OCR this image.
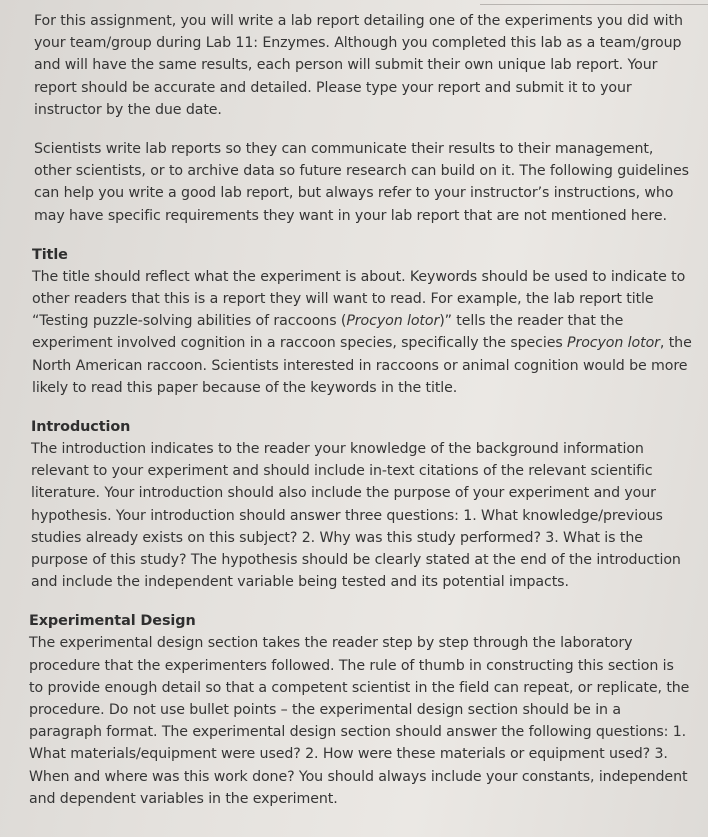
For this assignment, you will write a lab report detailing one of the experiments you did with your team/group during Lab 11: Enzymes. Although you completed this lab as a team/group and will have the same results, each person will submit their own unique lab report. Your report should be accurate and detailed. Please type your report and submit it to your instructor by the due date.

Scientists write lab reports so they can communicate their results to their management, other scientists, or to archive data so future research can build on it. The following guidelines can help you write a good lab report, but always refer to your instructor’s instructions, who may have specific requirements they want in your lab report that are not mentioned here.

Title

The title should reflect what the experiment is about. Keywords should be used to indicate to other readers that this is a report they will want to read. For example, the lab report title “Testing puzzle-solving abilities of raccoons (Procyon lotor)” tells the reader that the experiment involved cognition in a raccoon species, specifically the species Procyon lotor, the North American raccoon. Scientists interested in raccoons or animal cognition would be more likely to read this paper because of the keywords in the title.

Introduction

The introduction indicates to the reader your knowledge of the background information relevant to your experiment and should include in-text citations of the relevant scientific literature. Your introduction should also include the purpose of your experiment and your hypothesis. Your introduction should answer three questions: 1. What knowledge/previous studies already exists on this subject? 2. Why was this study performed? 3. What is the purpose of this study? The hypothesis should be clearly stated at the end of the introduction and include the independent variable being tested and its potential impacts.

Experimental Design

The experimental design section takes the reader step by step through the laboratory procedure that the experimenters followed. The rule of thumb in constructing this section is to provide enough detail so that a competent scientist in the field can repeat, or replicate, the procedure. Do not use bullet points – the experimental design section should be in a paragraph format. The experimental design section should answer the following questions: 1. What materials/equipment were used? 2. How were these materials or equipment used? 3. When and where was this work done? You should always include your constants, independent and dependent variables in the experiment.
